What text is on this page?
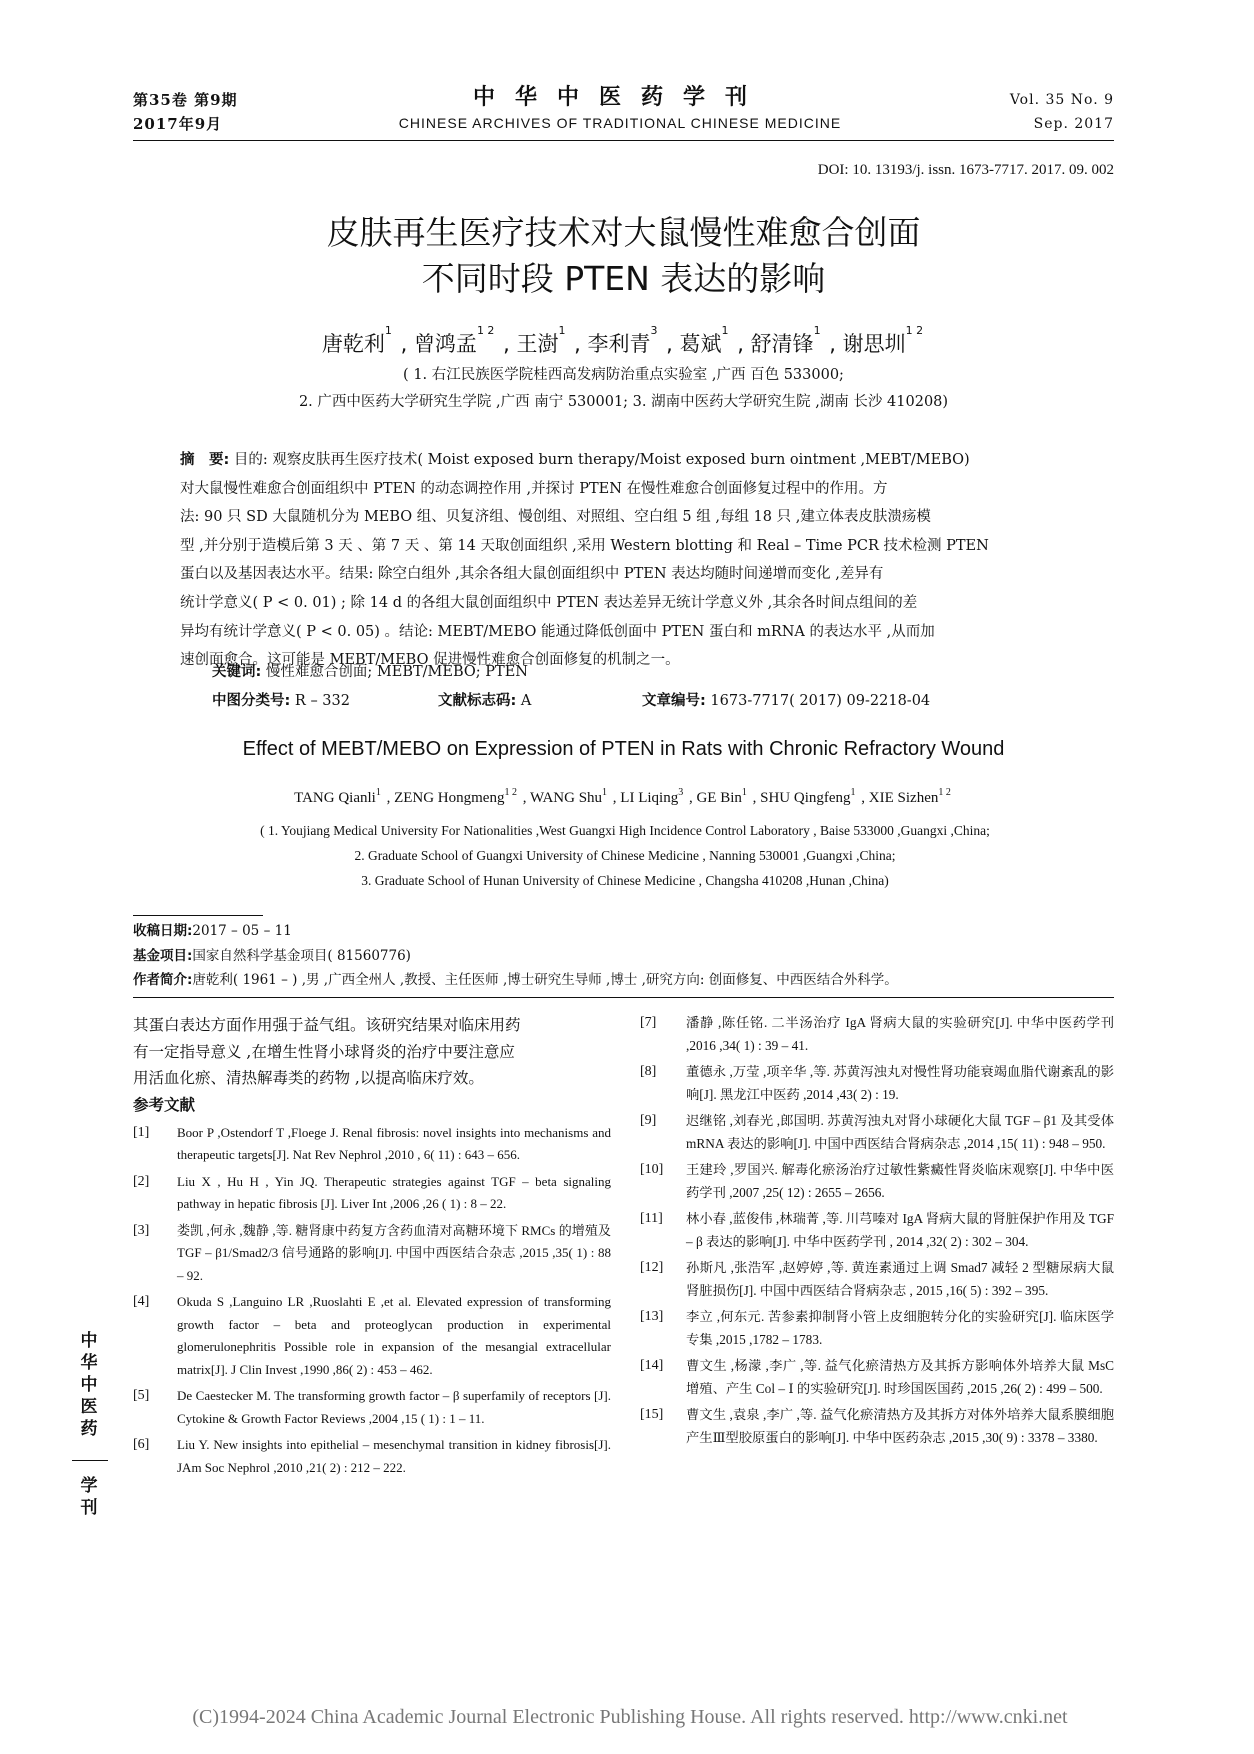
第35卷 第9期
2017年9月
中华中医药学刊
CHINESE ARCHIVES OF TRADITIONAL CHINESE MEDICINE
Vol. 35 No. 9
Sep. 2017
DOI: 10. 13193/j. issn. 1673-7717. 2017. 09. 002
皮肤再生医疗技术对大鼠慢性难愈合创面
不同时段 PTEN 表达的影响
唐乾利$^1$ , 曾鸿孟$^{1 2}$ , 王澍$^1$ , 李利青$^3$ , 葛斌$^1$ , 舒清锋$^1$ , 谢思圳$^{1 2}$
( 1. 右江民族医学院桂西高发病防治重点实验室 ,广西 百色 533000;
2. 广西中医药大学研究生学院 ,广西 南宁 530001; 3. 湖南中医药大学研究生院 ,湖南 长沙 410208)
摘　要: 目的: 观察皮肤再生医疗技术( Moist exposed burn therapy/Moist exposed burn ointment ,MEBT/MEBO)
对大鼠慢性难愈合创面组织中 PTEN 的动态调控作用 ,并探讨 PTEN 在慢性难愈合创面修复过程中的作用。方
法: 90 只 SD 大鼠随机分为 MEBO 组、贝复济组、慢创组、对照组、空白组 5 组 ,每组 18 只 ,建立体表皮肤溃疡模
型 ,并分别于造模后第 3 天 、第 7 天 、第 14 天取创面组织 ,采用 Western blotting 和 Real – Time PCR 技术检测 PTEN
蛋白以及基因表达水平。结果: 除空白组外 ,其余各组大鼠创面组织中 PTEN 表达均随时间递增而变化 ,差异有
统计学意义( P < 0. 01) ; 除 14 d 的各组大鼠创面组织中 PTEN 表达差异无统计学意义外 ,其余各时间点组间的差
异均有统计学意义( P < 0. 05) 。结论: MEBT/MEBO 能通过降低创面中 PTEN 蛋白和 mRNA 的表达水平 ,从而加
速创面愈合。这可能是 MEBT/MEBO 促进慢性难愈合创面修复的机制之一。
关键词: 慢性难愈合创面; MEBT/MEBO; PTEN
中图分类号: R – 332	文献标志码: A	文章编号: 1673-7717( 2017) 09-2218-04
Effect of MEBT/MEBO on Expression of PTEN in Rats with Chronic Refractory Wound
TANG Qianli$^1$ , ZENG Hongmeng$^{1 2}$ , WANG Shu$^1$ , LI Liqing$^3$ , GE Bin$^1$ , SHU Qingfeng$^1$ , XIE Sizhen$^{1 2}$
( 1. Youjiang Medical University For Nationalities ,West Guangxi High Incidence Control Laboratory , Baise 533000 ,Guangxi ,China;
2. Graduate School of Guangxi University of Chinese Medicine , Nanning 530001 ,Guangxi ,China;
3. Graduate School of Hunan University of Chinese Medicine , Changsha 410208 ,Hunan ,China)
收稿日期:2017 – 05 – 11
基金项目:国家自然科学基金项目( 81560776)
作者简介:唐乾利( 1961 – ) ,男 ,广西全州人 ,教授、主任医师 ,博士研究生导师 ,博士 ,研究方向: 创面修复、中西医结合外科学。
其蛋白表达方面作用强于益气组。该研究结果对临床用药
有一定指导意义 ,在增生性肾小球肾炎的治疗中要注意应
用活血化瘀、清热解毒类的药物 ,以提高临床疗效。
参考文献
[1]	Boor P ,Ostendorf T ,Floege J. Renal fibrosis: novel insights into mechanisms and therapeutic targets[J]. Nat Rev Nephrol ,2010 , 6( 11) : 643 – 656.
[2]	Liu X , Hu H , Yin JQ. Therapeutic strategies against TGF – beta signaling pathway in hepatic fibrosis [J]. Liver Int ,2006 ,26 ( 1) : 8 – 22.
[3]	娄凯 ,何永 ,魏静 ,等. 糖肾康中药复方含药血清对高糖环境下 RMCs 的增殖及 TGF – β1/Smad2/3 信号通路的影响[J]. 中国中西医结合杂志 ,2015 ,35( 1) : 88 – 92.
[4]	Okuda S ,Languino LR ,Ruoslahti E ,et al. Elevated expression of transforming growth factor – beta and proteoglycan production in experimental glomerulonephritis Possible role in expansion of the mesangial extracellular matrix[J]. J Clin Invest ,1990 ,86( 2) : 453 – 462.
[5]	De Caestecker M. The transforming growth factor – β superfamily of receptors [J]. Cytokine & Growth Factor Reviews ,2004 ,15 ( 1) : 1 – 11.
[6]	Liu Y. New insights into epithelial – mesenchymal transition in kidney fibrosis[J]. JAm Soc Nephrol ,2010 ,21( 2) : 212 – 222.
[7]	潘静 ,陈任铭. 二半汤治疗 IgA 肾病大鼠的实验研究[J]. 中华中医药学刊 ,2016 ,34( 1) : 39 – 41.
[8]	董德永 ,万莹 ,项辛华 ,等. 苏黄泻浊丸对慢性肾功能衰竭血脂代谢紊乱的影响[J]. 黑龙江中医药 ,2014 ,43( 2) : 19.
[9]	迟继铭 ,刘春光 ,郎国明. 苏黄泻浊丸对肾小球硬化大鼠 TGF – β1 及其受体 mRNA 表达的影响[J]. 中国中西医结合肾病杂志 ,2014 ,15( 11) : 948 – 950.
[10]	王建玲 ,罗国兴. 解毒化瘀汤治疗过敏性紫癜性肾炎临床观察[J]. 中华中医药学刊 ,2007 ,25( 12) : 2655 – 2656.
[11]	林小春 ,蓝俊伟 ,林瑞菁 ,等. 川芎嗪对 IgA 肾病大鼠的肾脏保护作用及 TGF – β 表达的影响[J]. 中华中医药学刊 , 2014 ,32( 2) : 302 – 304.
[12]	孙斯凡 ,张浩军 ,赵婷婷 ,等. 黄连素通过上调 Smad7 减轻 2 型糖尿病大鼠肾脏损伤[J]. 中国中西医结合肾病杂志 , 2015 ,16( 5) : 392 – 395.
[13]	李立 ,何东元. 苦参素抑制肾小管上皮细胞转分化的实验研究[J]. 临床医学专集 ,2015 ,1782 – 1783.
[14]	曹文生 ,杨濛 ,李广 ,等. 益气化瘀清热方及其拆方影响体外培养大鼠 MsC 增殖、产生 Col – Ⅰ 的实验研究[J]. 时珍国医国药 ,2015 ,26( 2) : 499 – 500.
[15]	曹文生 ,袁泉 ,李广 ,等. 益气化瘀清热方及其拆方对体外培养大鼠系膜细胞产生Ⅲ型胶原蛋白的影响[J]. 中华中医药杂志 ,2015 ,30( 9) : 3378 – 3380.
中
华
中
医
药
学
刊
(C)1994-2024 China Academic Journal Electronic Publishing House. All rights reserved. http://www.cnki.net
